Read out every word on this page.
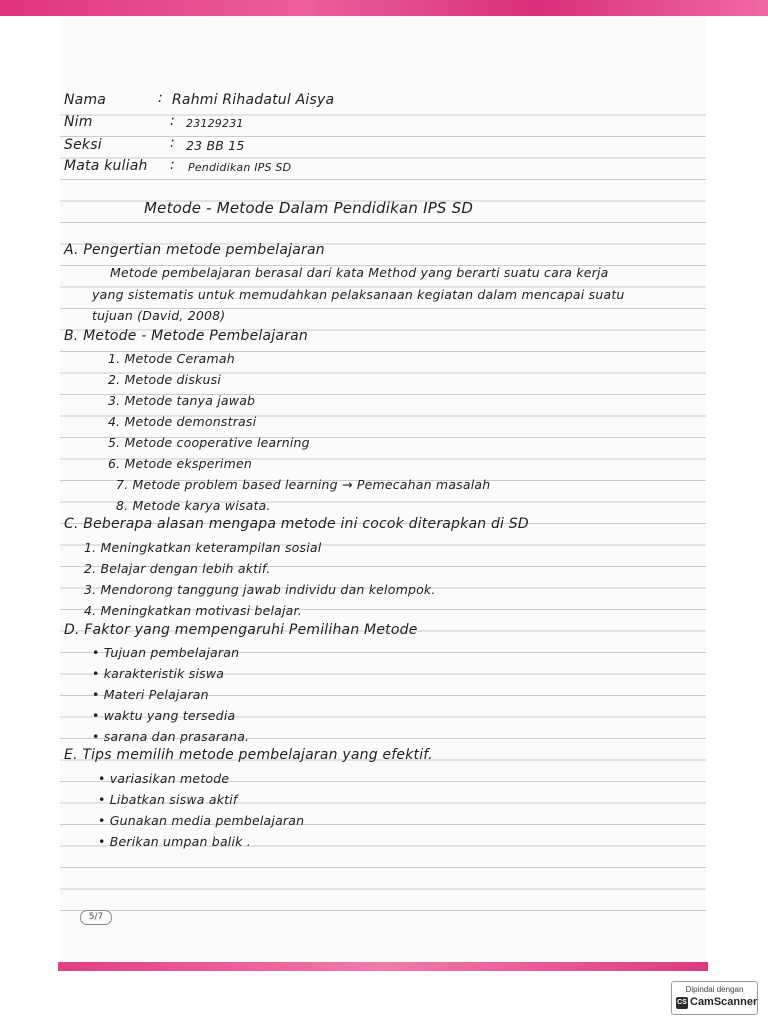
Nama	: Rahmi Rihadatul Aisya
Nim	: 23129231
Seksi	: 23 BB 15
Mata kuliah : Pendidikan IPS SD
Metode - Metode Dalam Pendidikan IPS SD
A. Pengertian metode pembelajaran
Metode pembelajaran berasal dari kata Method yang berarti suatu cara kerja
yang sistematis untuk memudahkan pelaksanaan kegiatan dalam mencapai suatu
tujuan (David, 2008)
B. Metode - Metode Pembelajaran
1. Metode Ceramah
2. Metode diskusi
3. Metode tanya jawab
4. Metode demonstrasi
5. Metode cooperative learning
6. Metode eksperimen
7. Metode problem based learning → Pemecahan masalah
8. Metode karya wisata.
C. Beberapa alasan mengapa metode ini cocok diterapkan di SD
1. Meningkatkan keterampilan sosial
2. Belajar dengan lebih aktif.
3. Mendorong tanggung jawab individu dan kelompok.
4. Meningkatkan motivasi belajar.
D. Faktor yang mempengaruhi Pemilihan Metode
• Tujuan pembelajaran
• karakteristik siswa
• Materi Pelajaran
• waktu yang tersedia
• sarana dan prasarana.
E. Tips memilih metode pembelajaran yang efektif.
• variasikan metode
• Libatkan siswa aktif
• Gunakan media pembelajaran
• Berikan umpan balik .
5/7
Dipindai dengan
CS CamScanner
